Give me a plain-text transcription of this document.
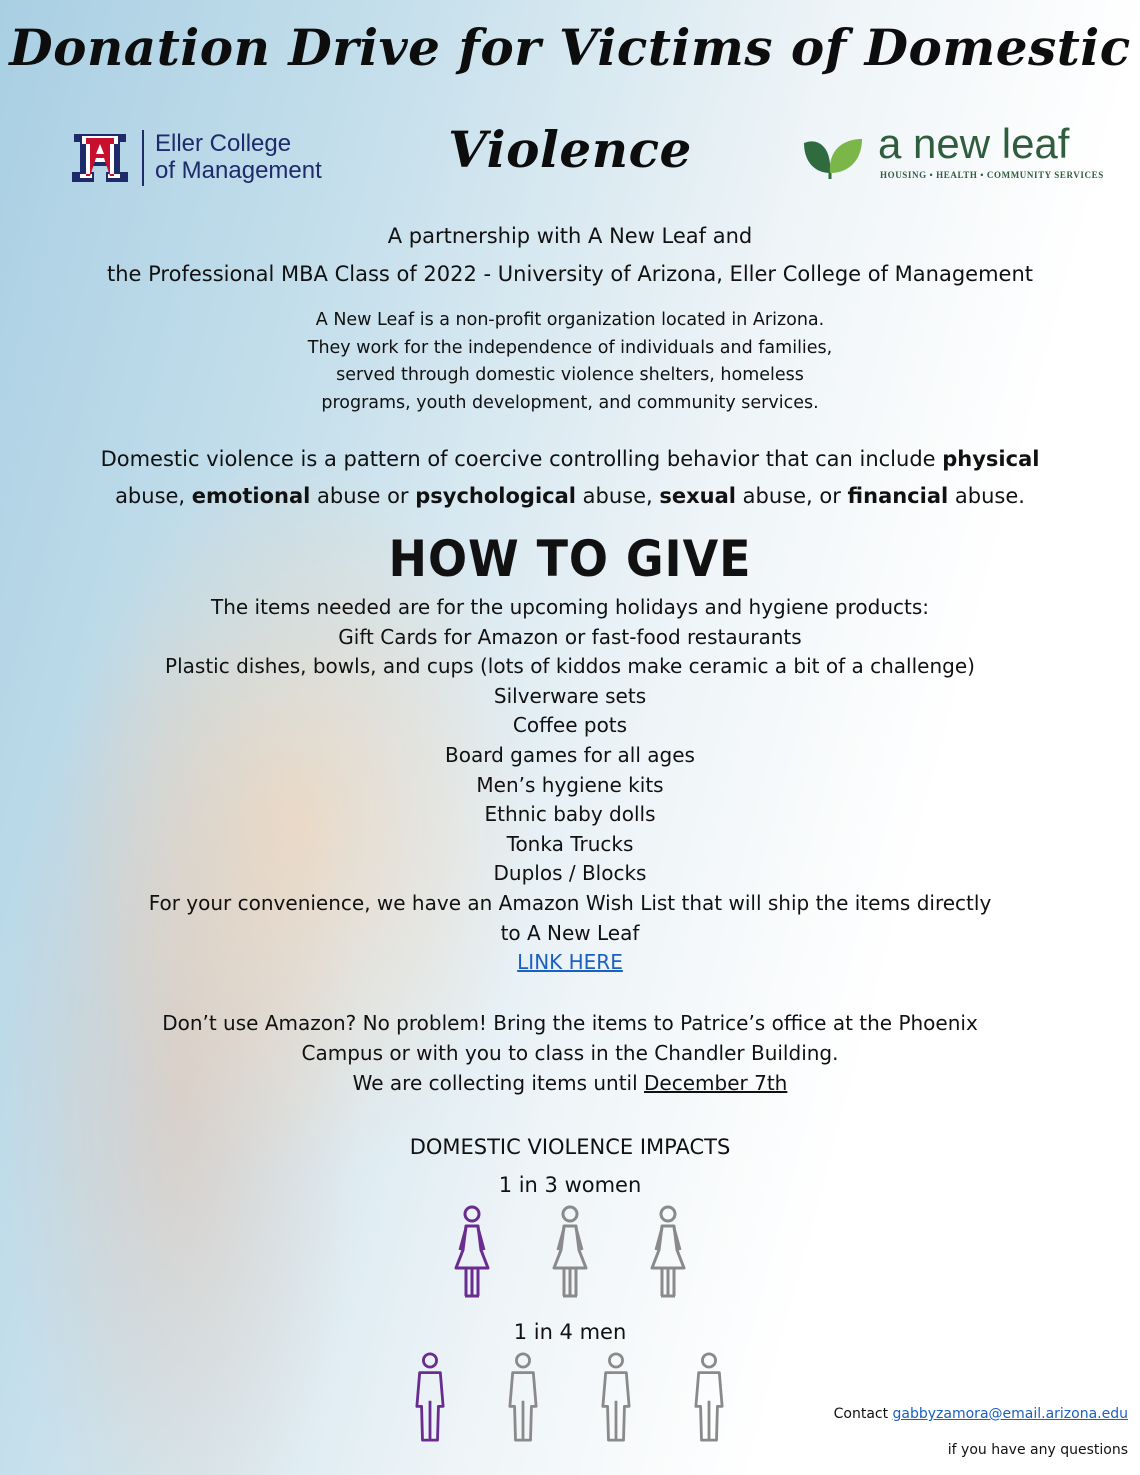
Donation Drive for Victims of Domestic
Violence
Eller College
of Management
a new leaf
HOUSING • HEALTH • COMMUNITY SERVICES
A partnership with A New Leaf and
the Professional MBA Class of 2022 - University of Arizona, Eller College of Management
A New Leaf is a non-profit organization located in Arizona.
They work for the independence of individuals and families,
served through domestic violence shelters, homeless
programs, youth development, and community services.
Domestic violence is a pattern of coercive controlling behavior that can include physical
abuse, emotional abuse or psychological abuse, sexual abuse, or financial abuse.
HOW TO GIVE
The items needed are for the upcoming holidays and hygiene products:
Gift Cards for Amazon or fast-food restaurants
Plastic dishes, bowls, and cups (lots of kiddos make ceramic a bit of a challenge)
Silverware sets
Coffee pots
Board games for all ages
Men’s hygiene kits
Ethnic baby dolls
Tonka Trucks
Duplos / Blocks
For your convenience, we have an Amazon Wish List that will ship the items directly
to A New Leaf
LINK HERE
Don’t use Amazon? No problem! Bring the items to Patrice’s office at the Phoenix
Campus or with you to class in the Chandler Building.
We are collecting items until December 7th
DOMESTIC VIOLENCE IMPACTS
1 in 3 women
1 in 4 men
Contact gabbyzamora@email.arizona.edu
if you have any questions
